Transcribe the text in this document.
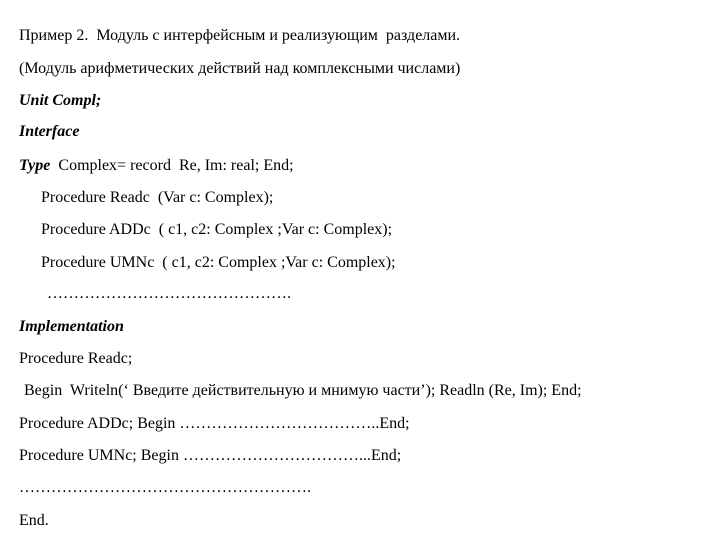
Пример 2.  Модуль с интерфейсным и реализующим  разделами.
(Модуль арифметических действий над комплексными числами)
Unit Compl;
Interface
Type  Complex= record  Re, Im: real; End;
Procedure Readc  (Var c: Complex);
Procedure ADDc  ( c1, c2: Complex ;Var c: Complex);
Procedure UMNc  ( c1, c2: Complex ;Var c: Complex);
……………………………………….
Implementation
Procedure Readc;
Begin  Writeln(‘ Введите действительную и мнимую части’); Readln (Re, Im); End;
Procedure ADDc; Begin ………………………………..End;
Procedure UMNc; Begin ……………………………...End;
……………………………………………….
End.
